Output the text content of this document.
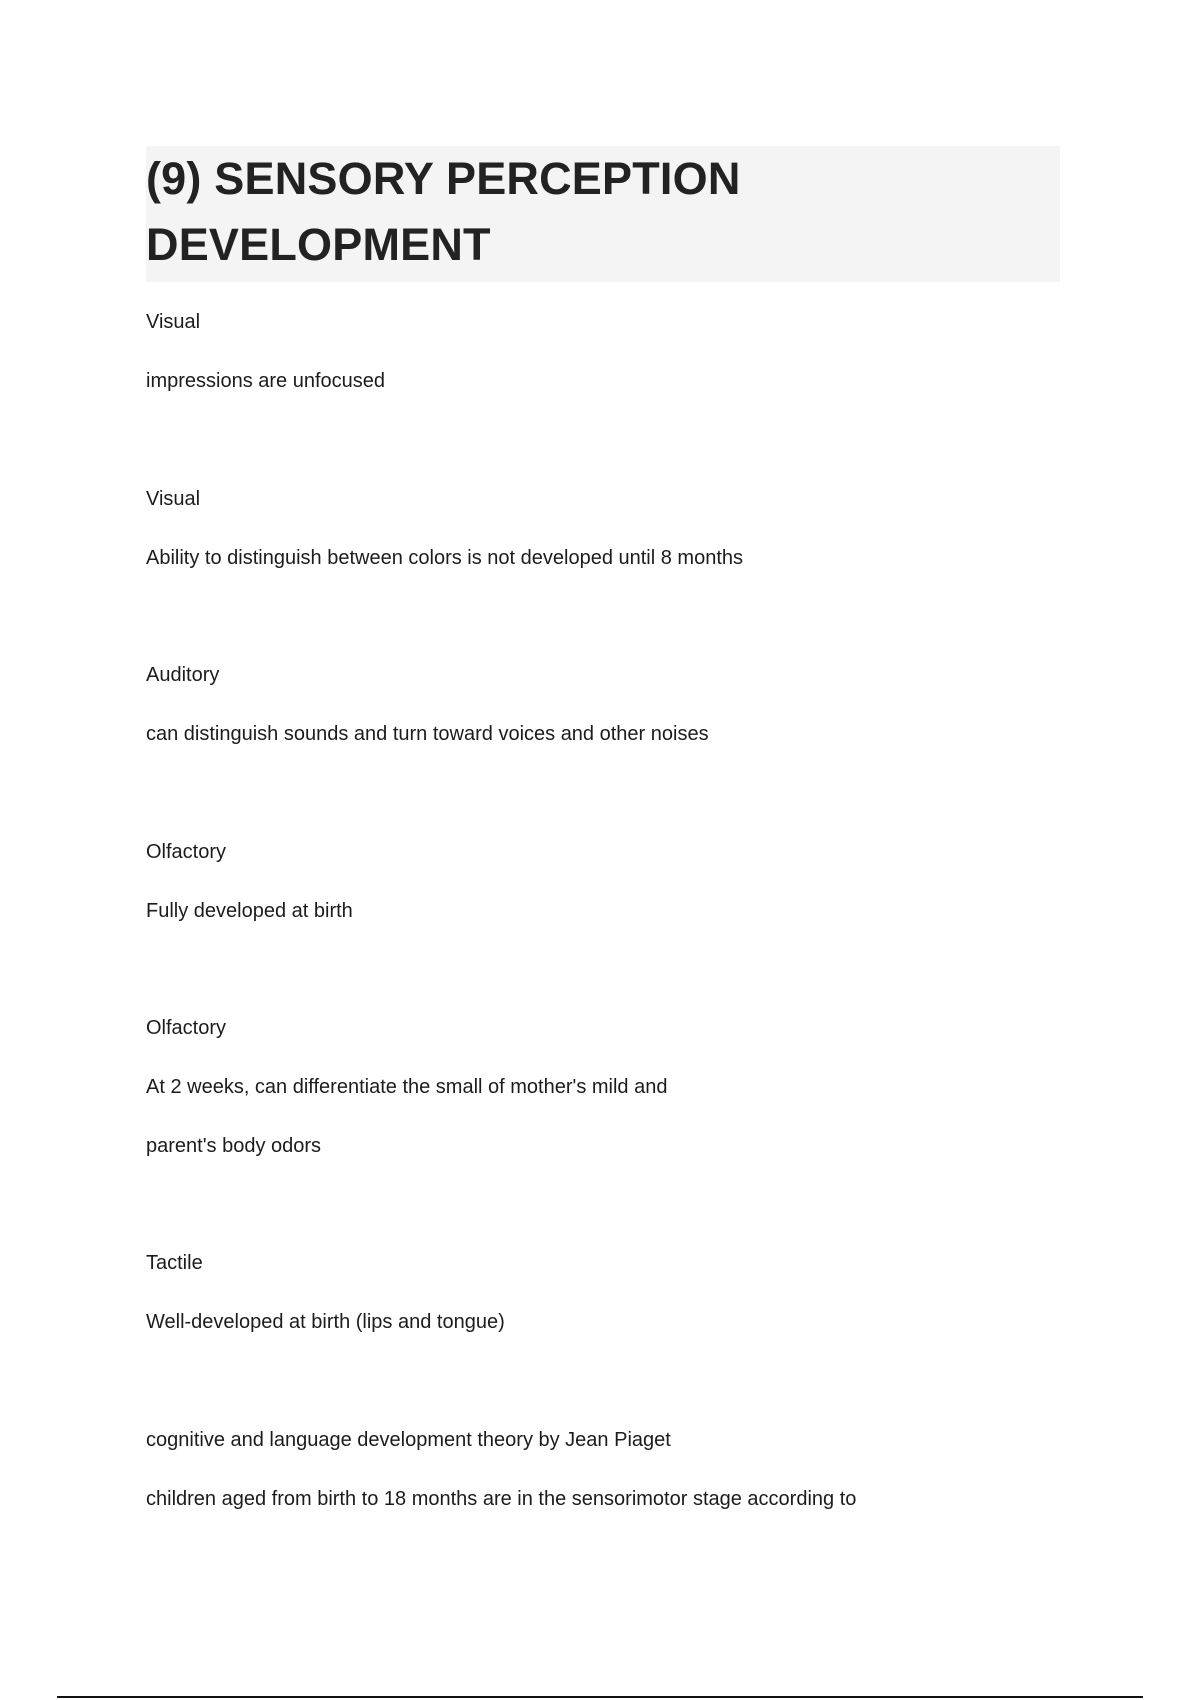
(9) SENSORY PERCEPTION
DEVELOPMENT
Visual
impressions are unfocused
Visual
Ability to distinguish between colors is not developed until 8 months
Auditory
can distinguish sounds and turn toward voices and other noises
Olfactory
Fully developed at birth
Olfactory
At 2 weeks, can differentiate the small of mother's mild and
parent's body odors
Tactile
Well-developed at birth (lips and tongue)
cognitive and language development theory by Jean Piaget
children aged from birth to 18 months are in the sensorimotor stage according to
